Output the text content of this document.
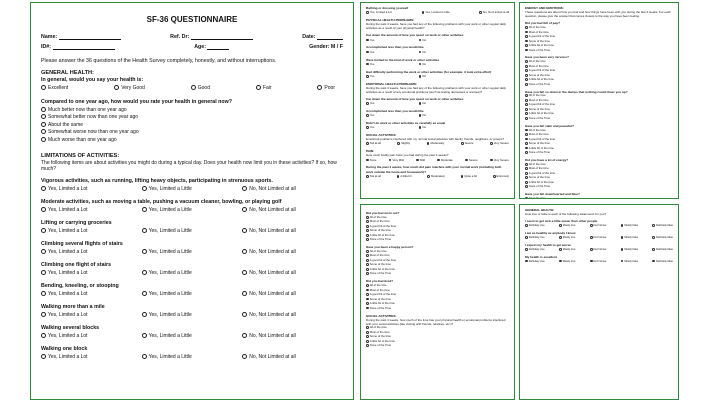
SF-36 QUESTIONNAIRE
Name:	Ref. Dr:	Date:
ID#:	Age:	Gender: M / F
Please answer the 36 questions of the Health Survey completely, honestly, and without interruptions.
GENERAL HEALTH:
In general, would you say your health is:
Excellent	Very Good	Good	Fair	Poor
Compared to one year ago, how would you rate your health in general now?
Much better now than one year ago
Somewhat better now than one year ago
About the same
Somewhat worse now than one year ago
Much worse than one year ago
LIMITATIONS OF ACTIVITIES:
The following items are about activities you might do during a typical day. Does your health now limit you in these activities? If so, how much?
Vigorous activities, such as running, lifting heavy objects, participating in strenuous sports.
Yes, Limited a Lot	Yes, Limited a Little	No, Not Limited at all
Moderate activities, such as moving a table, pushing a vacuum cleaner, bowling, or playing golf
Yes, Limited a Lot	Yes, Limited a Little	No, Not Limited at all
Lifting or carrying groceries
Yes, Limited a Lot	Yes, Limited a Little	No, Not Limited at all
Climbing several flights of stairs
Yes, Limited a Lot	Yes, Limited a Little	No, Not Limited at all
Climbing one flight of stairs
Yes, Limited a Lot	Yes, Limited a Little	No, Not Limited at all
Bending, kneeling, or stooping
Yes, Limited a Lot	Yes, Limited a Little	No, Not Limited at all
Walking more than a mile
Yes, Limited a Lot	Yes, Limited a Little	No, Not Limited at all
Walking several blocks
Yes, Limited a Lot	Yes, Limited a Little	No, Not Limited at all
Walking one block
Yes, Limited a Lot	Yes, Limited a Little	No, Not Limited at all
Bathing or dressing yourself
Yes, Limited a Lot	Yes, Limited a Little	No, Not Limited at all
PHYSICAL HEALTH PROBLEMS:
During the past 4 weeks, have you had any of the following problems with your work or other regular daily activities as a result of your physical health?
Cut down the amount of time you spent on work or other activities
Yes	No
Accomplished less than you would like
Yes	No
Were limited in the kind of work or other activities
Yes	No
Had difficulty performing the work or other activities (for example, it took extra effort)
Yes	No
EMOTIONAL HEALTH PROBLEMS:
During the past 4 weeks, have you had any of the following problems with your work or other regular daily activities as a result of any emotional problems (such as feeling depressed or anxious)?
Cut down the amount of time you spent on work or other activities
Yes	No
Accomplished less than you would like
Yes	No
Didn't do work or other activities as carefully as usual
Yes	No
SOCIAL ACTIVITIES:
Emotional problems interfered with my normal social activities with family, friends, neighbors, or groups?
Not at all	Slightly	Moderately	Severe	Very Severe
PAIN:
How much bodily pain have you had during the past 4 weeks?
None	Very Mild	Mild	Moderate	Severe	Very Severe
During the past 4 weeks, how much did pain interfere with your normal work (including both work outside the home and housework)?
Not at all	A little bit	Moderately	Quite a bit	Extremely
ENERGY AND EMOTIONS:
These questions are about how you feel and how things have been with you during the last 4 weeks. For each question, please give the answer that comes closest to the way you have been feeling.
Did you feel full of pep?
All of the time
Most of the time
A good bit of the time
Some of the time
A little bit of the time
None of the Time
Have you been very nervous?
All of the time
Most of the time
A good bit of the time
Some of the time
A little bit of the time
None of the Time
Have you felt so down in the dumps that nothing could cheer you up?
All of the time
Most of the time
A good bit of the time
Some of the time
A little bit of the time
None of the Time
Have you felt calm and peaceful?
All of the time
Most of the time
A good bit of the time
Some of the time
A little bit of the time
None of the Time
Did you have a lot of energy?
All of the time
Most of the time
A good bit of the time
Some of the time
A little bit of the time
None of the Time
Have you felt downhearted and blue?
All of the time
Did you feel worn out?
All of the time
Most of the time
A good bit of the time
Some of the time
A little bit of the time
None of the Time
Have you been a happy person?
All of the time
Most of the time
A good bit of the time
Some of the time
A little bit of the time
None of the Time
Did you feel tired?
All of the time
Most of the time
A good bit of the time
Some of the time
A little bit of the time
None of the Time
SOCIAL ACTIVITIES:
During the past 4 weeks, how much of the time has your physical health or emotional problems interfered with your social activities (like visiting with friends, relatives, etc.)?
All of the time
Most of the time
Some of the time
A little bit of the time
None of the Time
GENERAL HEALTH:
How true or false is each of the following statements for you?
I seem to get sick a little easier than other people
Definitely true	Mostly true	Don't know	Mostly false	Definitely false
I am as healthy as anybody I know
Definitely true	Mostly true	Don't know	Mostly false	Definitely false
I expect my health to get worse
Definitely true	Mostly true	Don't know	Mostly false	Definitely false
My health is excellent
Definitely true	Mostly true	Don't know	Mostly false	Definitely false
